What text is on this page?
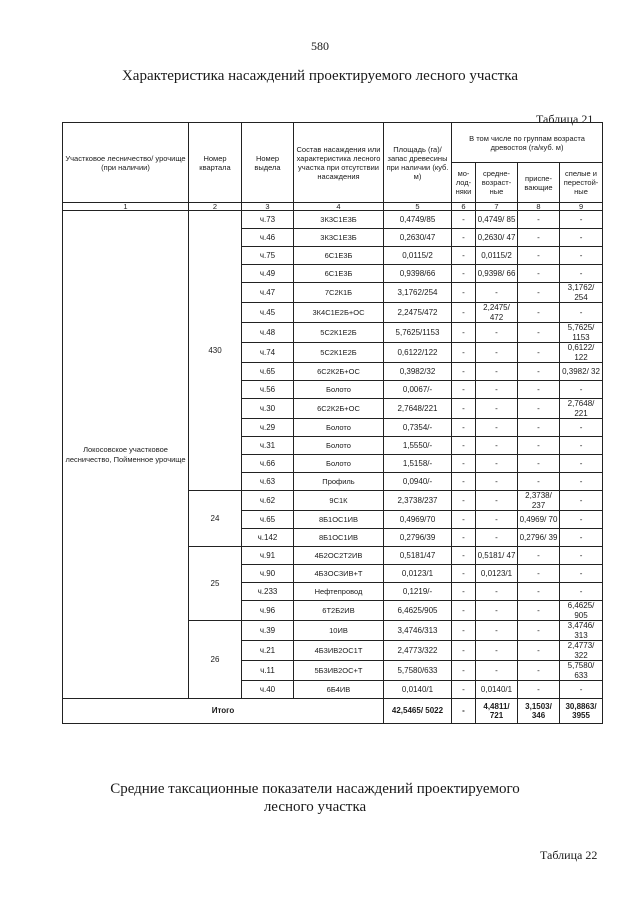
580
Характеристика насаждений проектируемого лесного участка
Таблица 21
Участковое лесничество/ урочище (при наличии)	Номер квартала	Номер выдела	Состав насаждения или характеристика лесного участка при отсутствии насаждения	Площадь (га)/запас древесины при наличии (куб. м)	В том числе по группам возраста древостоя (га/куб. м)			
					мо-лод-няки	средне-возраст-ные	приспе-вающие	спелые и перестой-ные
1	2	3	4	5	6	7	8	9
Локосовское участковое лесничество, Пойменное урочище	430	ч.73	3К3С1Е3Б	0,4749/85	-	0,4749/ 85	-	-
		ч.46	3К3С1Е3Б	0,2630/47	-	0,2630/ 47	-	-
		ч.75	6С1Е3Б	0,0115/2	-	0,0115/2	-	-
		ч.49	6С1Е3Б	0,9398/66	-	0,9398/ 66	-	-
		ч.47	7С2К1Б	3,1762/254	-	-	-	3,1762/ 254
		ч.45	3К4С1Е2Б+ОС	2,2475/472	-	2,2475/ 472	-	-
		ч.48	5С2К1Е2Б	5,7625/1153	-	-	-	5,7625/ 1153
		ч.74	5С2К1Е2Б	0,6122/122	-	-	-	0,6122/ 122
		ч.65	6С2К2Б+ОС	0,3982/32	-	-	-	0,3982/ 32
		ч.56	Болото	0,0067/-	-	-	-	-
		ч.30	6С2К2Б+ОС	2,7648/221	-	-	-	2,7648/ 221
		ч.29	Болото	0,7354/-	-	-	-	-
		ч.31	Болото	1,5550/-	-	-	-	-
		ч.66	Болото	1,5158/-	-	-	-	-
		ч.63	Профиль	0,0940/-	-	-	-	-
	24	ч.62	9С1К	2,3738/237	-	-	2,3738/ 237	-
		ч.65	8Б1ОС1ИВ	0,4969/70	-	-	0,4969/ 70	-
		ч.142	8Б1ОС1ИВ	0,2796/39	-	-	0,2796/ 39	-
	25	ч.91	4Б2ОС2Т2ИВ	0,5181/47	-	0,5181/ 47	-	-
		ч.90	4Б3ОС3ИВ+Т	0,0123/1	-	0,0123/1	-	-
		ч.233	Нефтепровод	0,1219/-	-	-	-	-
		ч.96	6Т2Б2ИВ	6,4625/905	-	-	-	6,4625/ 905
	26	ч.39	10ИВ	3,4746/313	-	-	-	3,4746/ 313
		ч.21	4Б3ИВ2ОС1Т	2,4773/322	-	-	-	2,4773/ 322
		ч.11	5Б3ИВ2ОС+Т	5,7580/633	-	-	-	5,7580/ 633
		ч.40	6Б4ИВ	0,0140/1	-	0,0140/1	-	-
Итого				42,5465/ 5022	-	4,4811/ 721	3,1503/ 346	30,8863/ 3955
Средние таксационные показатели насаждений проектируемого лесного участка
Таблица 22
